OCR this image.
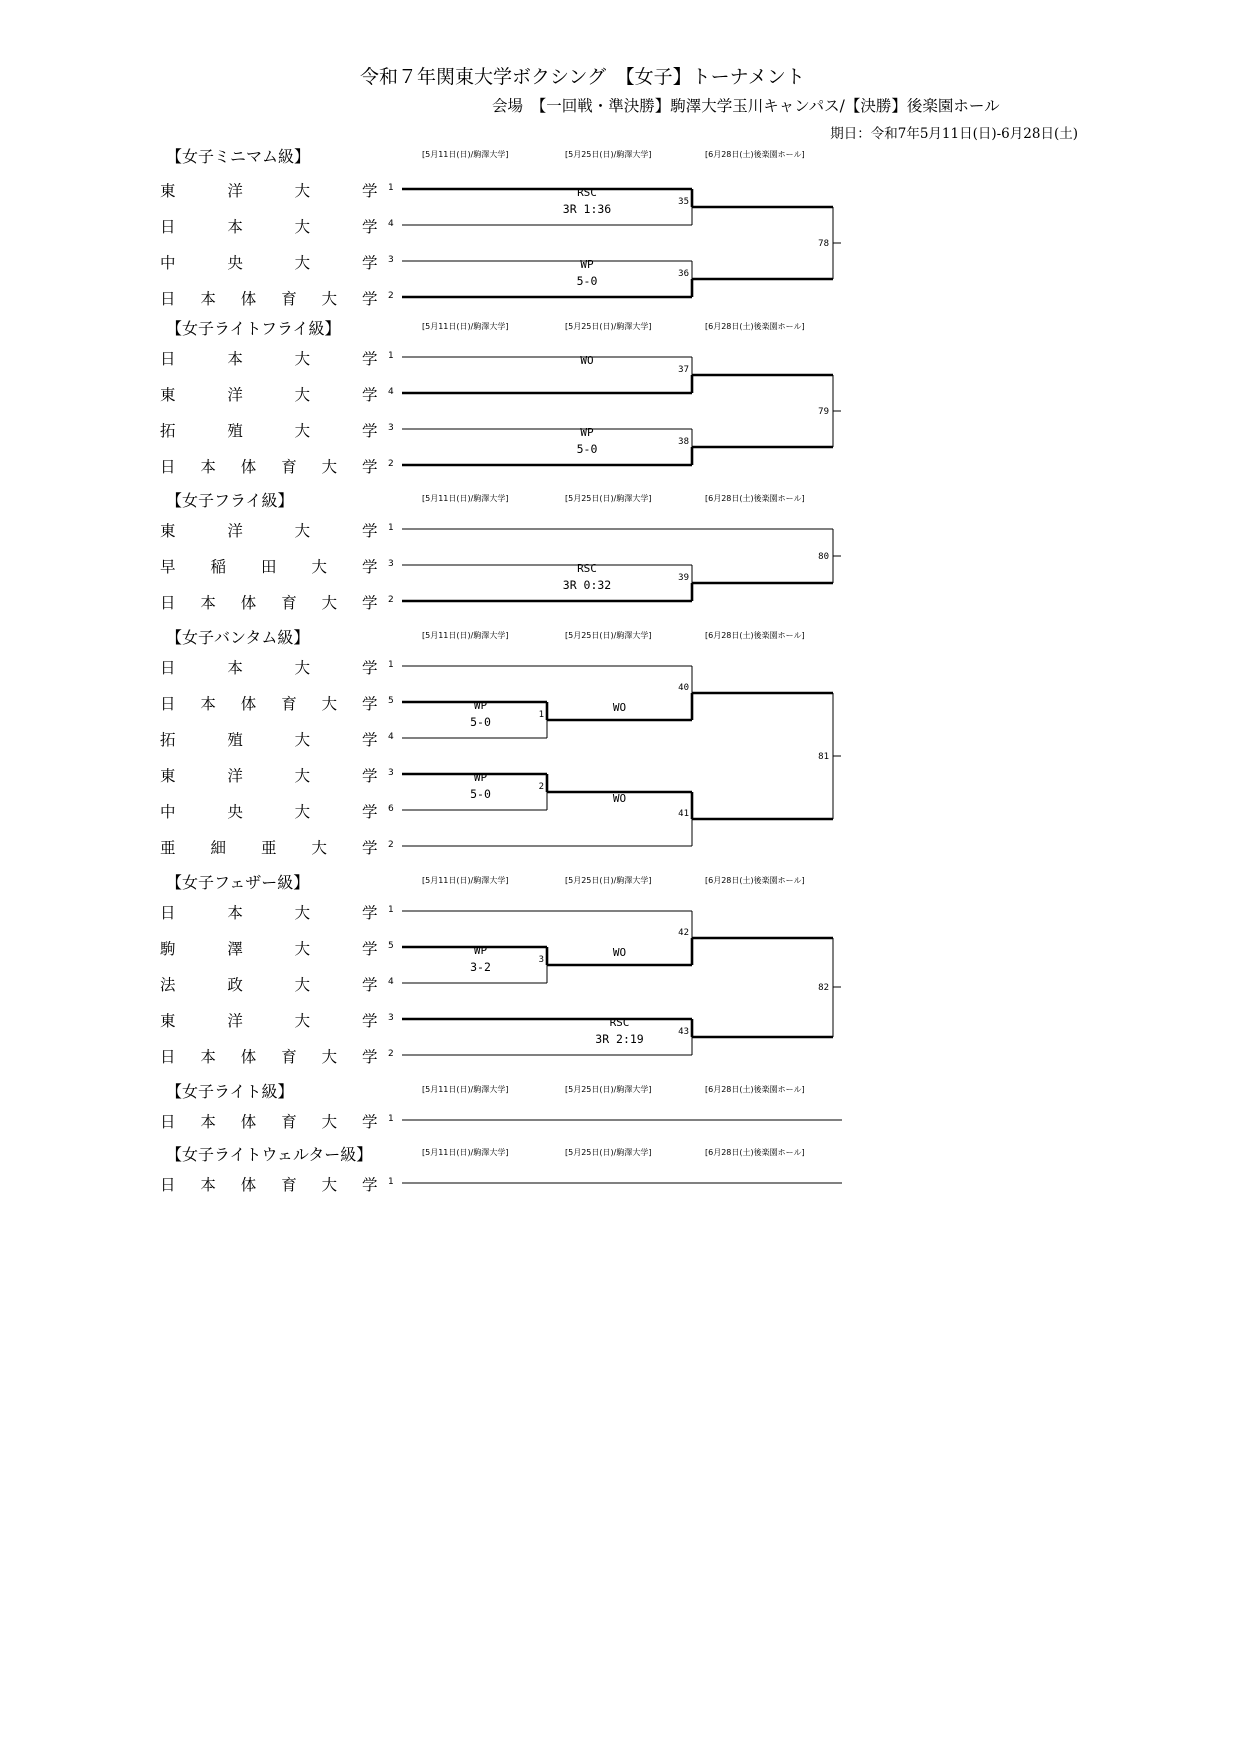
令和７年関東大学ボクシング　【女子】トーナメント
会場　【一回戦・準決勝】駒澤大学玉川キャンパス/【決勝】後楽園ホール
期日：令和7年5月11日(日)-6月28日(土)
【女子ミニマム級】	[5月11日(日)/駒澤大学]	[5月25日(日)/駒澤大学]	[6月28日(土)後楽園ホール]
東	洋	大	学 1
日	本	大	学 4
中	央	大	学 3
日 本 体 育 大 学 2
35
RSC
3R 1:36
36
WP
5-0
78
【女子ライトフライ級】	[5月11日(日)/駒澤大学]	[5月25日(日)/駒澤大学]	[6月28日(土)後楽園ホール]
日	本	大	学 1
東	洋	大	学 4
拓	殖	大	学 3
日 本 体 育 大 学 2
37
WO
38
WP
5-0
79
【女子フライ級】	[5月11日(日)/駒澤大学]	[5月25日(日)/駒澤大学]	[6月28日(土)後楽園ホール]
東	洋	大	学 1
早 稲 田 大 学 3
日 本 体 育 大 学 2
39
RSC
3R 0:32
80
【女子バンタム級】	[5月11日(日)/駒澤大学]	[5月25日(日)/駒澤大学]	[6月28日(土)後楽園ホール]
日	本	大	学 1
日 本 体 育 大 学 5
拓	殖	大	学 4
東	洋	大	学 3
中	央	大	学 6
亜 細 亜 大 学 2
1
WP
5-0
2
WP
5-0
40
WO
41
WO
81
【女子フェザー級】	[5月11日(日)/駒澤大学]	[5月25日(日)/駒澤大学]	[6月28日(土)後楽園ホール]
日	本	大	学 1
駒	澤	大	学 5
法	政	大	学 4
東	洋	大	学 3
日 本 体 育 大 学 2
3
WP
3-2
42
WO
43
RSC
3R 2:19
82
【女子ライト級】	[5月11日(日)/駒澤大学]	[5月25日(日)/駒澤大学]	[6月28日(土)後楽園ホール]
日 本 体 育 大 学 1
【女子ライトウェルター級】	[5月11日(日)/駒澤大学]	[5月25日(日)/駒澤大学]	[6月28日(土)後楽園ホール]
日 本 体 育 大 学 1
